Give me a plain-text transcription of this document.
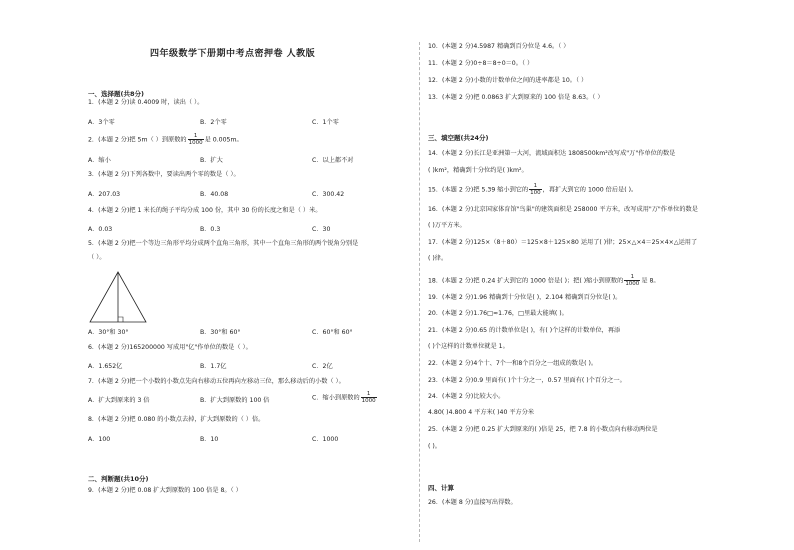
四年级数学下册期中考点密押卷 人教版
一、选择题(共8分)
1．(本题 2 分)读 0.4009 时，读出（ ）。
A．3个零	B．2个零	C．1个零
2．(本题 2 分)把 5m（ ）到原数的 $\frac{1}{1000}$ 是 0.005m。
A．缩小	B．扩大	C．以上都不对
3．(本题 2 分)下列各数中，要读出两个零的数是（ ）。
A．207.03	B．40.08	C．300.42
4．(本题 2 分)把 1 米长的绳子平均分成 100 份，其中 30 份的长度之和是（ ）米。
A．0.03	B．0.3	C．30
5．(本题 2 分)把一个等边三角形平均分成两个直角三角形，其中一个直角三角形的两个锐角分别是
（ ）。
A．30°和 30°	B．30°和 60°	C．60°和 60°
6．(本题 2 分)165200000 写成用"亿"作单位的数是（ ）。
A．1.652亿	B．1.7亿	C．2亿
7．(本题 2 分)把一个小数的小数点先向右移动五位再向左移动三位，那么移动后的小数（ ）。
A．扩大到原来的 3 倍	B．扩大到原数的 100 倍	C．缩小到原数的 $\frac{1}{1000}$
8．(本题 2 分)把 0.080 的小数点去掉，扩大到原数的（ ）倍。
A．100	B．10	C．1000
二、判断题(共10分)
9．(本题 2 分)把 0.08 扩大到原数的 100 倍是 8。（ ）
10．(本题 2 分)4.5987 精确到百分位是 4.6。（ ）
11．(本题 2 分)0÷8＝8÷0＝0。（ ）
12．(本题 2 分)小数的计数单位之间的进率都是 10。（ ）
13．(本题 2 分)把 0.0863 扩大到原来的 100 倍是 8.63。（ ）
三、填空题(共24分)
14．(本题 2 分)长江是亚洲第一大河，流域面积达 1808500km²改写成"万"作单位的数是
( )km²，精确到十分位约是( )km²。
15．(本题 2 分)把 5.39 缩小到它的 $\frac{1}{100}$ ，再扩大到它的 1000 倍后是( )。
16．(本题 2 分)北京国家体育馆"鸟巢"的建筑面积是 258000 平方米，改写成用"万"作单位的数是
( )万平方米。
17．(本题 2 分)125×（8＋80）＝125×8＋125×80 运用了( )律；25×△×4＝25×4×△运用了
( )律。
18．(本题 2 分)把 0.24 扩大到它的 1000 倍是( )；把( )缩小到原数的 $\frac{1}{1000}$ 是 8。
19．(本题 2 分)1.96 精确到十分位是( )，2.104 精确到百分位是( )。
20．(本题 2 分)1.76□≈1.76，□里最大能填( )。
21．(本题 2 分)0.65 的计数单位是( )，有( )个这样的计数单位，再添
( )个这样的计数单位就是 1。
22．(本题 2 分)4个十、7个一和8个百分之一组成的数是( )。
23．(本题 2 分)0.9 里面有( )个十分之一，0.57 里面有( )个百分之一。
24．(本题 2 分)比较大小。
4.80( )4.800 4 平方米( )40 平方分米
25．(本题 2 分)把 0.25 扩大到原来的( )倍是 25，把 7.8 的小数点向右移动两位是
( )。
四、计算
26．(本题 8 分)直接写出得数。
